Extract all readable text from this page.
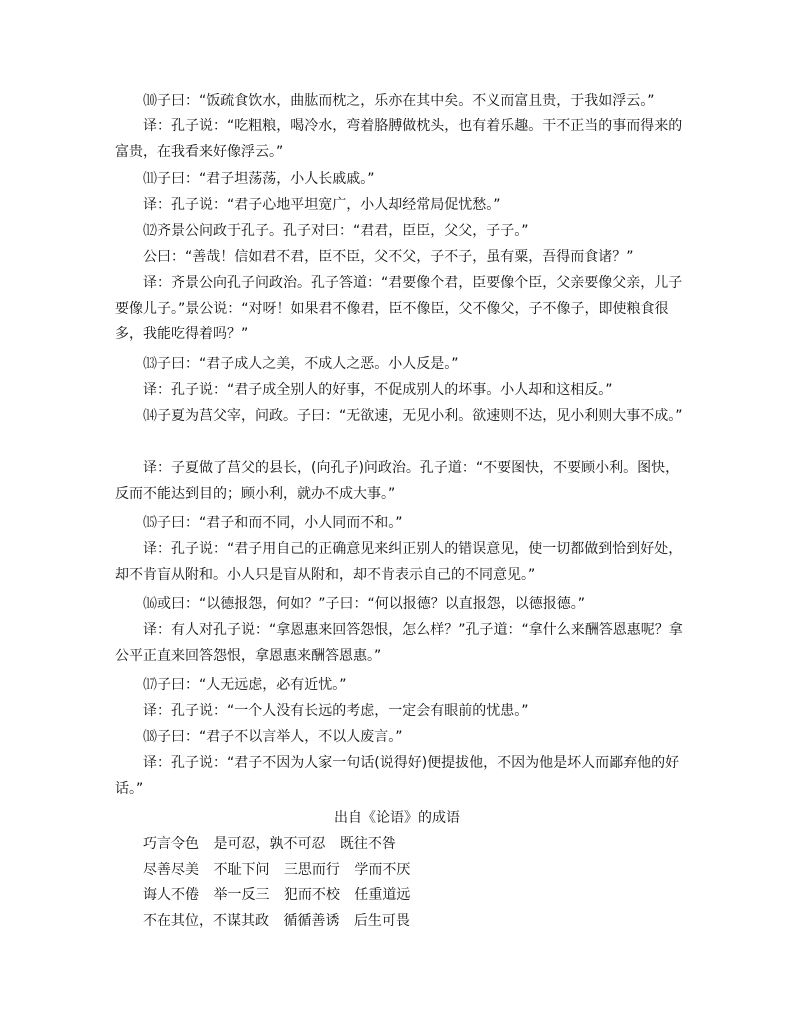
⑽子曰：“饭疏食饮水，曲肱而枕之，乐亦在其中矣。不义而富且贵，于我如浮云。”
译：孔子说：“吃粗粮，喝冷水，弯着胳膊做枕头，也有着乐趣。干不正当的事而得来的富贵，在我看来好像浮云。”
⑾子曰：“君子坦荡荡，小人长戚戚。”
译：孔子说：“君子心地平坦宽广，小人却经常局促忧愁。”
⑿齐景公问政于孔子。孔子对曰：“君君，臣臣，父父，子子。”
公曰：“善哉！信如君不君，臣不臣，父不父，子不子，虽有粟，吾得而食诸？”
译：齐景公向孔子问政治。孔子答道：“君要像个君，臣要像个臣，父亲要像父亲，儿子要像儿子。”景公说：“对呀！如果君不像君，臣不像臣，父不像父，子不像子，即使粮食很多，我能吃得着吗？”
⒀子曰：“君子成人之美，不成人之恶。小人反是。”
译：孔子说：“君子成全别人的好事，不促成别人的坏事。小人却和这相反。”
⒁子夏为莒父宰，问政。子曰：“无欲速，无见小利。欲速则不达，见小利则大事不成。”
译：子夏做了莒父的县长，(向孔子)问政治。孔子道：“不要图快，不要顾小利。图快，反而不能达到目的；顾小利，就办不成大事。”
⒂子曰：“君子和而不同，小人同而不和。”
译：孔子说：“君子用自己的正确意见来纠正别人的错误意见，使一切都做到恰到好处，却不肯盲从附和。小人只是盲从附和，却不肯表示自己的不同意见。”
⒃或曰：“以德报怨，何如？”子曰：“何以报德？以直报怨，以德报德。”
译：有人对孔子说：“拿恩惠来回答怨恨，怎么样？”孔子道：“拿什么来酬答恩惠呢？拿公平正直来回答怨恨，拿恩惠来酬答恩惠。”
⒄子曰：“人无远虑，必有近忧。”
译：孔子说：“一个人没有长远的考虑，一定会有眼前的忧患。”
⒅子曰：“君子不以言举人，不以人废言。”
译：孔子说：“君子不因为人家一句话(说得好)便提拔他，不因为他是坏人而鄙弃他的好话。”
出自《论语》的成语
巧言令色 是可忍，孰不可忍 既往不咎
尽善尽美 不耻下问 三思而行 学而不厌
诲人不倦 举一反三 犯而不校 任重道远
不在其位，不谋其政 循循善诱 后生可畏
